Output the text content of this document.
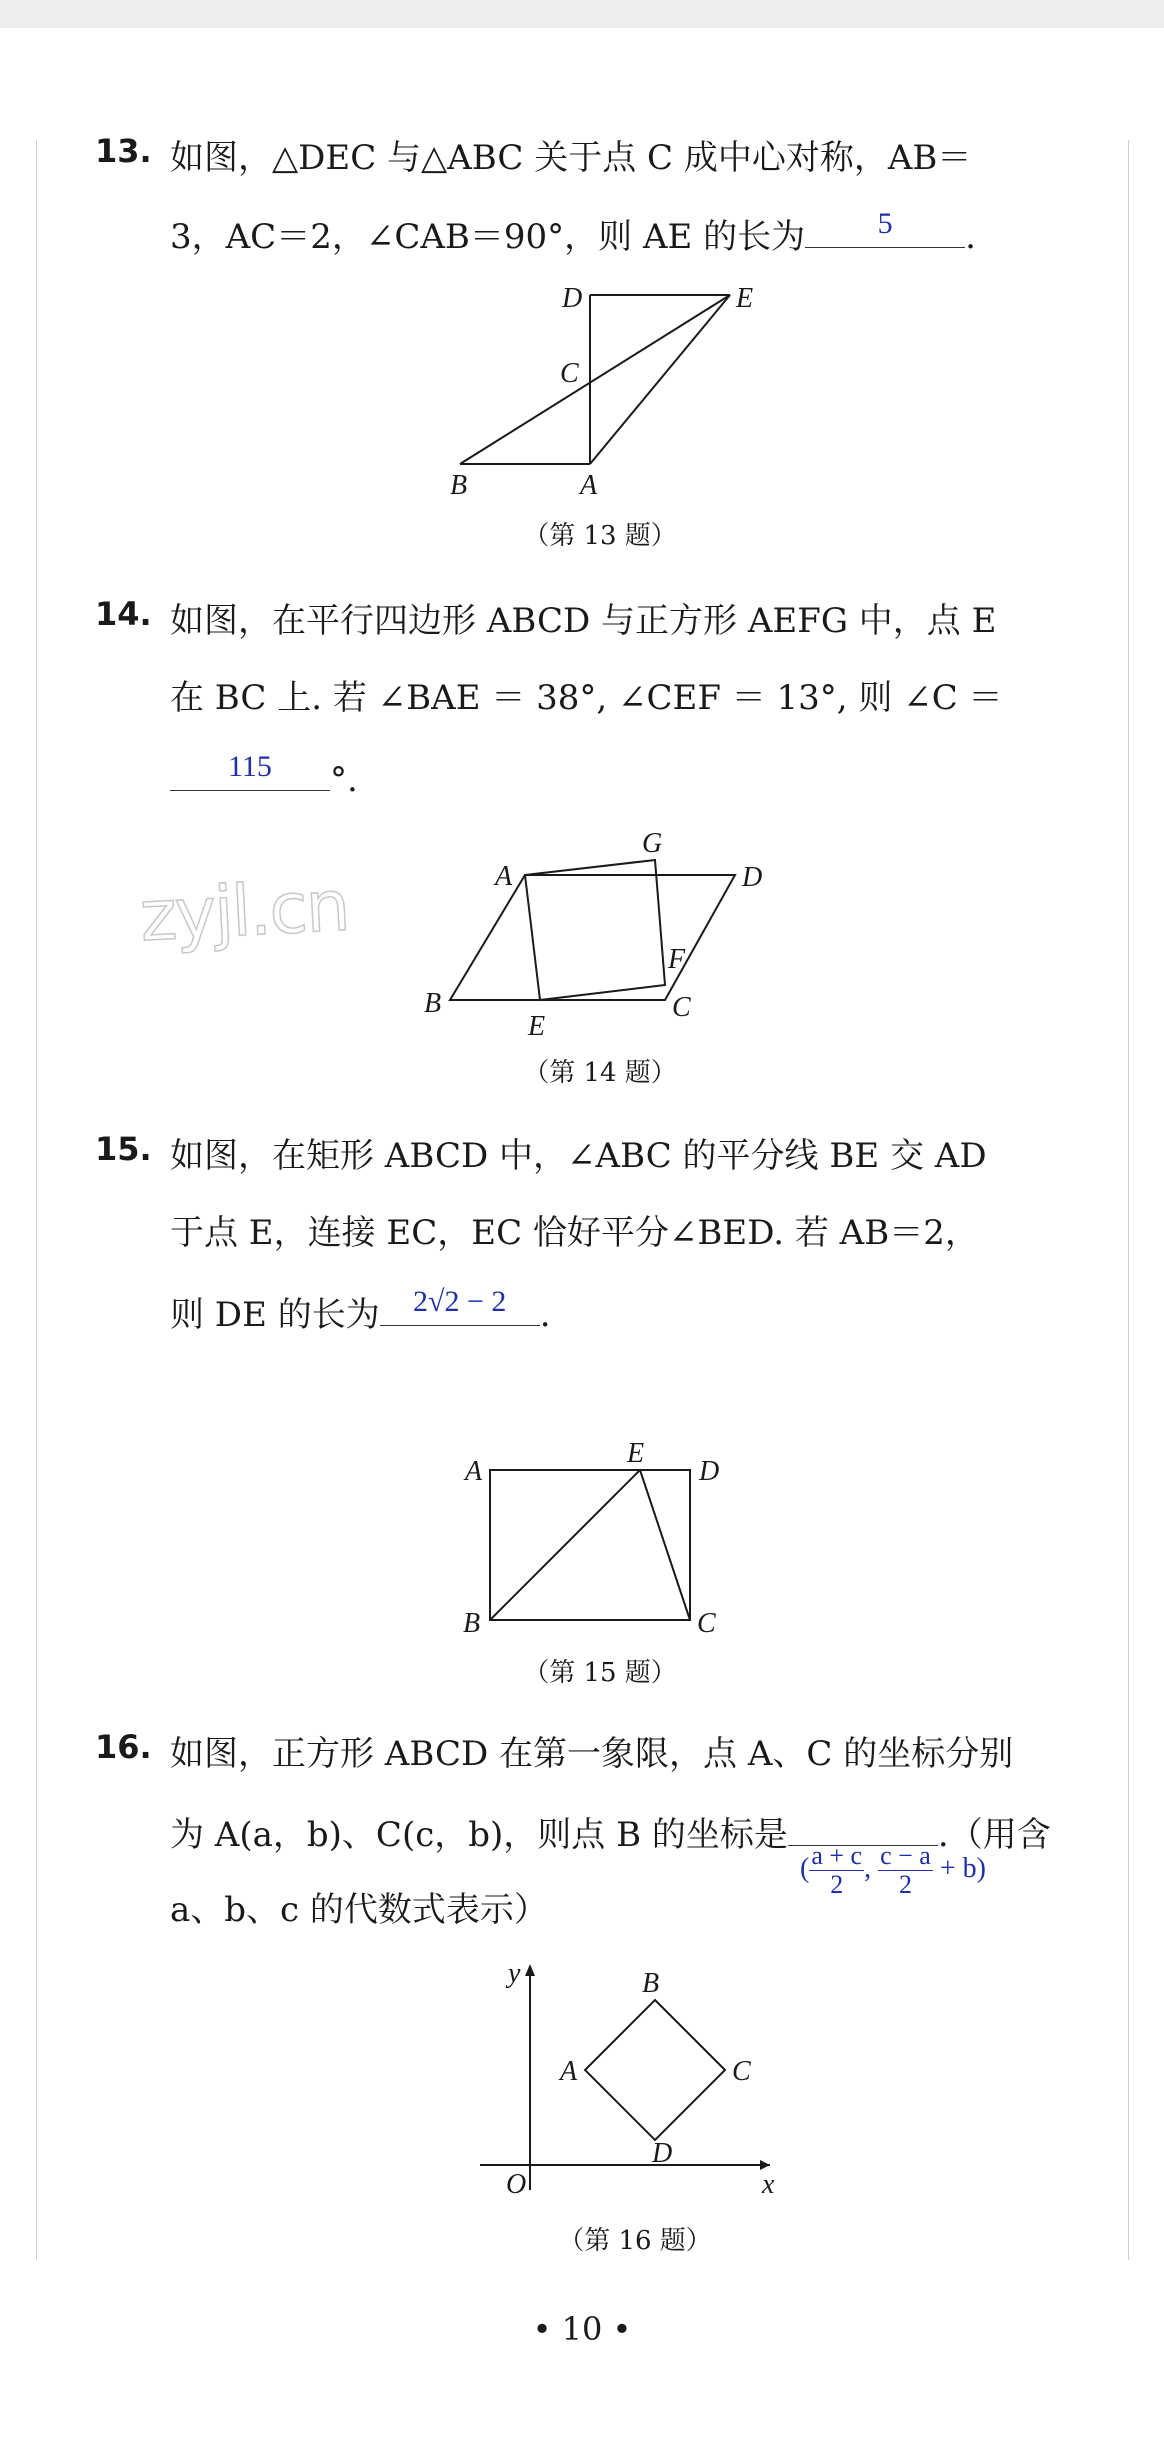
zyjl.cn
13. 如图，△DEC 与△ABC 关于点 C 成中心对称，AB＝
3，AC＝2，∠CAB＝90°，则 AE 的长为	5	.
D	E
C
B	A
（第 13 题）
14. 如图，在平行四边形 ABCD 与正方形 AEFG 中，点 E
在 BC 上. 若 ∠BAE ＝ 38°, ∠CEF ＝ 13°, 则 ∠C ＝
115	°.
A
G
D
F
B
E
C
（第 14 题）
15. 如图，在矩形 ABCD 中，∠ABC 的平分线 BE 交 AD
于点 E，连接 EC，EC 恰好平分∠BED. 若 AB＝2，
则 DE 的长为	2√2 − 2 .
A
E
D
B	C
（第 15 题）
16. 如图，正方形 ABCD 在第一象限，点 A、C 的坐标分别
为 A(a，b)、C(c，b)，则点 B 的坐标是	.（用含
( $\frac{a + c}{2}$ , $\frac{c - a}{2} + b$)
a、b、c 的代数式表示）
y
x
O
A
B
C
D
（第 16 题）
• 10 •
